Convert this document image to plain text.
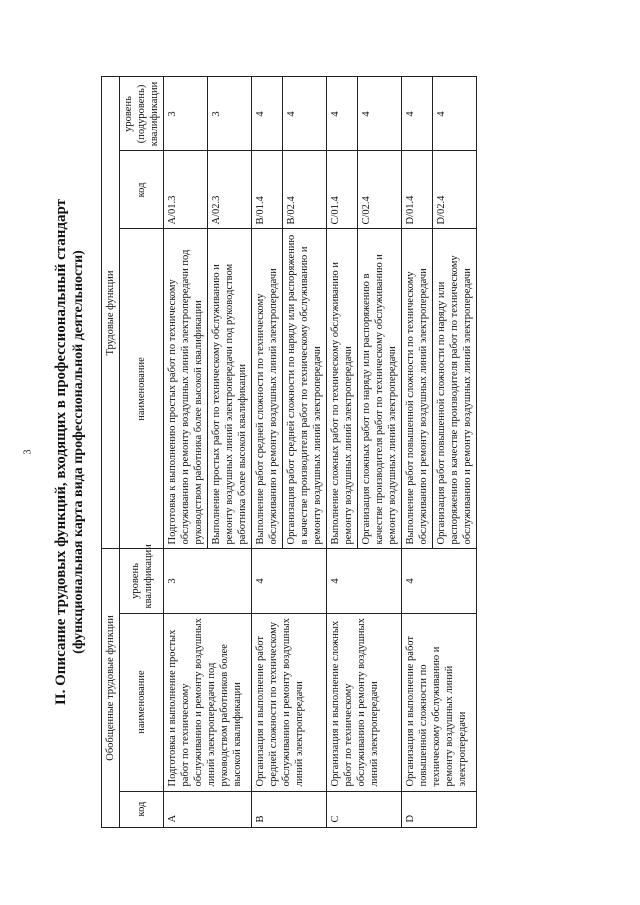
3 II. Описание трудовых функций, входящих в профессиональный стандарт (функциональная карта вида профессиональной деятельности)
Обобщенные трудовые функции			Трудовые функции		
код	наименование	уровень квалификации	наименование	код	уровень (подуровень) квалификации
A	Подготовка и выполнение простых работ по техническому обслуживанию и ремонту воздушных линий электропередачи под руководством работников более высокой квалификации	3	Подготовка к выполнению простых работ по техническому обслуживанию и ремонту воздушных линий электропередачи под руководством работника более высокой квалификации	A/01.3	3
			Выполнение простых работ по техническому обслуживанию и ремонту воздушных линий электропередачи под руководством работника более высокой квалификации	A/02.3	3
B	Организация и выполнение работ средней сложности по техническому обслуживанию и ремонту воздушных линий электропередачи	4	Выполнение работ средней сложности по техническому обслуживанию и ремонту воздушных линий электропередачи	B/01.4	4
			Организация работ средней сложности по наряду или распоряжению в качестве производителя работ по техническому обслуживанию и ремонту воздушных линий электропередачи	B/02.4	4
C	Организация и выполнение сложных работ по техническому обслуживанию и ремонту воздушных линий электропередачи	4	Выполнение сложных работ по техническому обслуживанию и ремонту воздушных линий электропередачи	C/01.4	4
			Организация сложных работ по наряду или распоряжению в качестве производителя работ по техническому обслуживанию и ремонту воздушных линий электропередачи	C/02.4	4
D	Организация и выполнение работ повышенной сложности по техническому обслуживанию и ремонту воздушных линий электропередачи	4	Выполнение работ повышенной сложности по техническому обслуживанию и ремонту воздушных линий электропередачи	D/01.4	4
			Организация работ повышенной сложности по наряду или распоряжению в качестве производителя работ по техническому обслуживанию и ремонту воздушных линий электропередачи	D/02.4	4
